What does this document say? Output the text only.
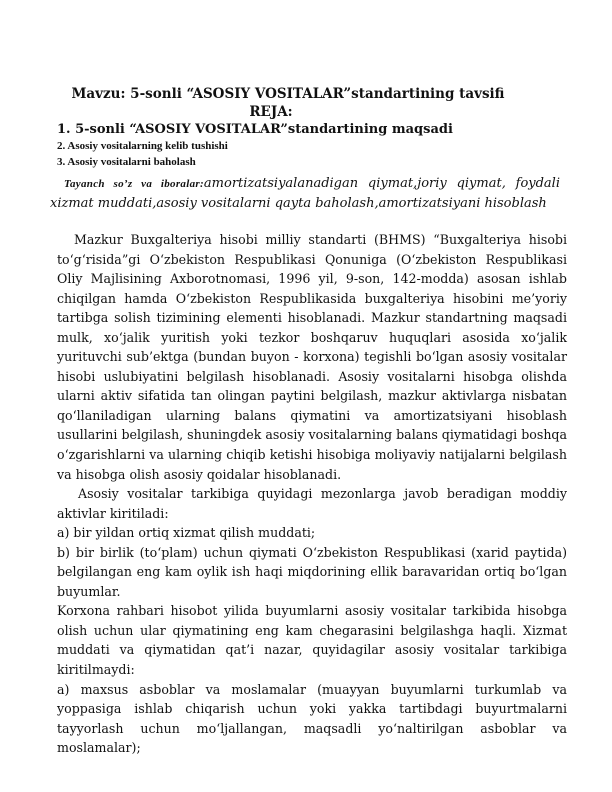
Mavzu: 5-sonli “ASOSIY VOSITALAR”standartining tavsifi
REJA:
1. 5-sonli “ASOSIY VOSITALAR”standartining maqsadi
2. Asosiy vositalarning kelib tushishi
3. Asosiy vositalarni baholash
Tayanch so’z va iboralar:amortizatsiyalanadigan qiymat,joriy qiymat, foydali xizmat muddati,asosiy vositalarni qayta baholash,amortizatsiyani hisoblash

Mazkur Buxgalteriya hisobi milliy standarti (BHMS) “Buxgalteriya hisobi to‘g‘risida”gi O‘zbekiston Respublikasi Qonuniga (O‘zbekiston Respublikasi Oliy Majlisining Axborotnomasi, 1996 yil, 9-son, 142-modda) asosan ishlab chiqilgan hamda O‘zbekiston Respublikasida buxgalteriya hisobini me’yoriy tartibga solish tizimining elementi hisoblanadi. Mazkur standartning maqsadi mulk, xo‘jalik yuritish yoki tezkor boshqaruv huquqlari asosida xo‘jalik yurituvchi sub’ektga (bundan buyon - korxona) tegishli bo‘lgan asosiy vositalar hisobi uslubiyatini belgilash hisoblanadi. Asosiy vositalarni hisobga olishda ularni aktiv sifatida tan olingan paytini belgilash, mazkur aktivlarga nisbatan qo‘llaniladigan ularning balans qiymatini va amortizatsiyani hisoblash usullarini belgilash, shuningdek asosiy vositalarning balans qiymatidagi boshqa o‘zgarishlarni va ularning chiqib ketishi hisobiga moliyaviy natijalarni belgilash va hisobga olish asosiy qoidalar hisoblanadi.

Asosiy vositalar tarkibiga quyidagi mezonlarga javob beradigan moddiy aktivlar kiritiladi:

a) bir yildan ortiq xizmat qilish muddati;

b) bir birlik (to‘plam) uchun qiymati O‘zbekiston Respublikasi (xarid paytida) belgilangan eng kam oylik ish haqi miqdorining ellik baravaridan ortiq bo‘lgan buyumlar.

Korxona rahbari hisobot yilida buyumlarni asosiy vositalar tarkibida hisobga olish uchun ular qiymatining eng kam chegarasini belgilashga haqli. Xizmat muddati va qiymatidan qat’i nazar, quyidagilar asosiy vositalar tarkibiga kiritilmaydi:

a) maxsus asboblar va moslamalar (muayyan buyumlarni turkumlab va yoppasiga ishlab chiqarish uchun yoki yakka tartibdagi buyurtmalarni tayyorlash uchun mo‘ljallangan, maqsadli yo‘naltirilgan asboblar va moslamalar);
